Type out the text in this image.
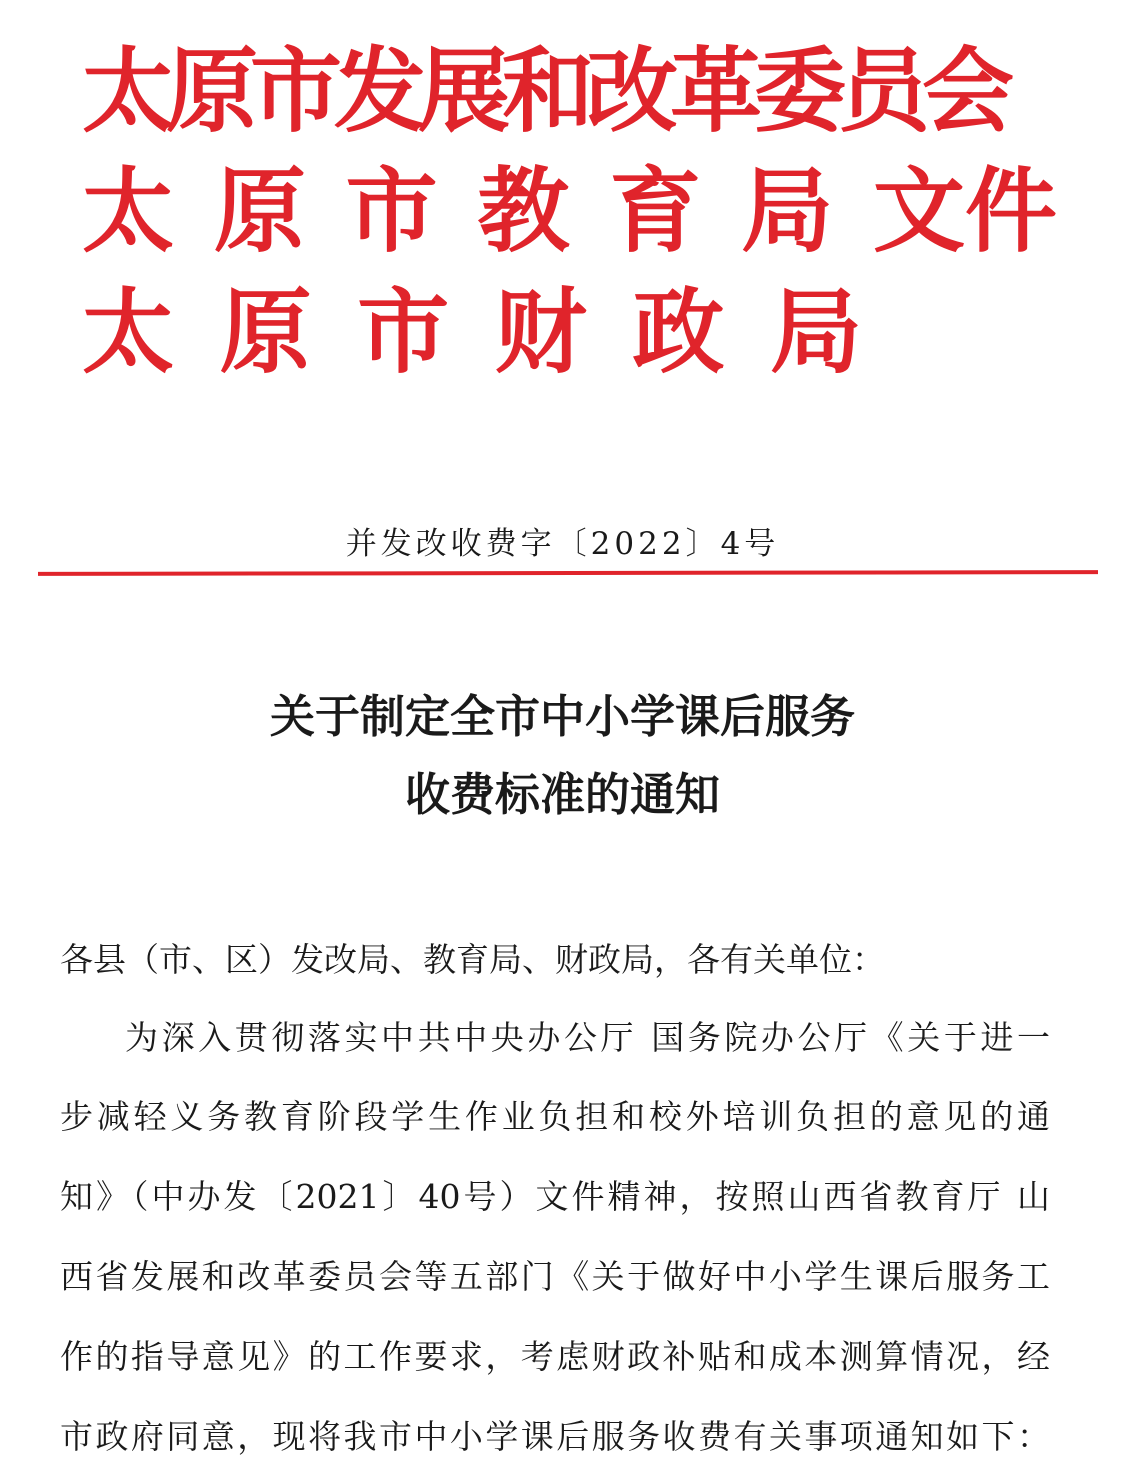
太原市发展和改革委员会
太 原 市 教 育 局 文件
太 原 市 财 政 局
并发改收费字〔2022〕4号
关于制定全市中小学课后服务
收费标准的通知
各县（市、区）发改局、教育局、财政局，各有关单位：
为深入贯彻落实中共中央办公厅 国务院办公厅《关于进一
步减轻义务教育阶段学生作业负担和校外培训负担的意见的通
知》（中办发〔2021〕40号）文件精神，按照山西省教育厅 山
西省发展和改革委员会等五部门《关于做好中小学生课后服务工
作的指导意见》的工作要求，考虑财政补贴和成本测算情况，经
市政府同意，现将我市中小学课后服务收费有关事项通知如下：
